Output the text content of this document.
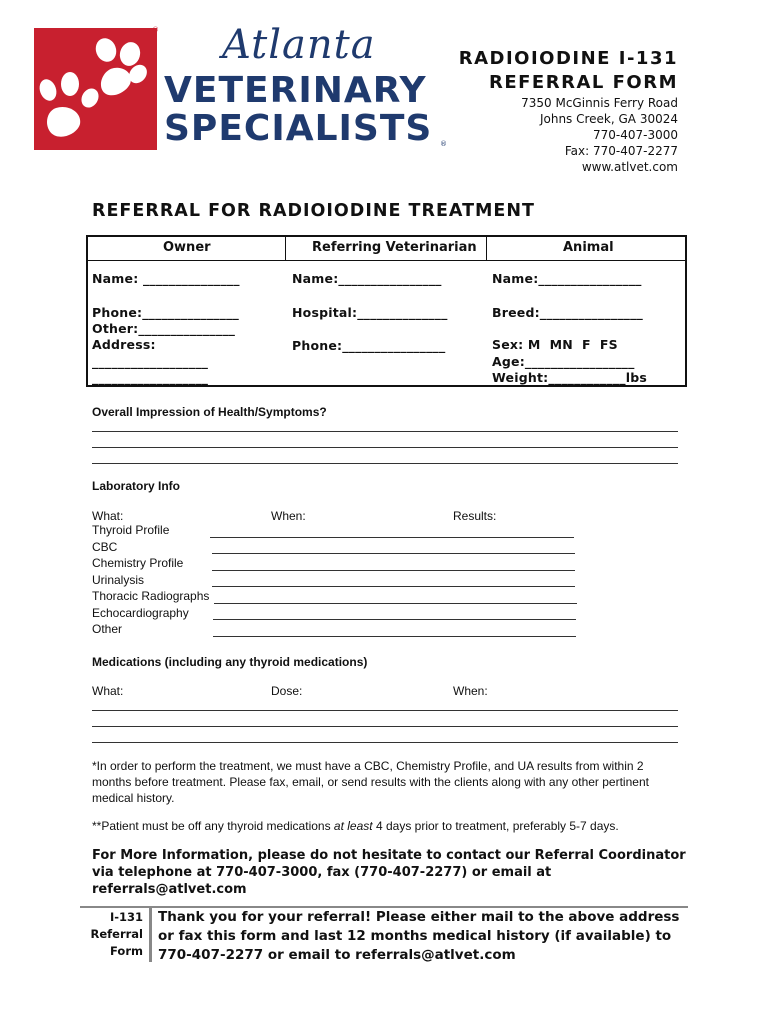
® Atlanta
VETERINARY
SPECIALISTS ®
RADIOIODINE I-131
REFERRAL FORM
7350 McGinnis Ferry Road
Johns Creek, GA 30024
770-407-3000
Fax: 770-407-2277
www.atlvet.com
REFERRAL FOR RADIOIODINE TREATMENT
Owner	Referring Veterinarian	Animal
Name: _______________
Phone:_______________
Other:_______________
Address:
__________________
__________________
Name:________________
Hospital:______________
Phone:________________
Name:________________
Breed:________________
Sex: M  MN  F  FS
Age:_________________
Weight:____________lbs
Overall Impression of Health/Symptoms?
Laboratory Info
What:	When:	Results:
Thyroid Profile
CBC
Chemistry Profile
Urinalysis
Thoracic Radiographs
Echocardiography
Other
Medications (including any thyroid medications)
What:	Dose:	When:
*In order to perform the treatment, we must have a CBC, Chemistry Profile, and UA results from within 2 months before treatment. Please fax, email, or send results with the clients along with any other pertinent medical history.
**Patient must be off any thyroid medications at least 4 days prior to treatment, preferably 5-7 days.
For More Information, please do not hesitate to contact our Referral Coordinator via telephone at 770-407-3000, fax (770-407-2277) or email at referrals@atlvet.com
I-131
Referral
Form
Thank you for your referral! Please either mail to the above address or fax this form and last 12 months medical history (if available) to 770-407-2277 or email to referrals@atlvet.com
